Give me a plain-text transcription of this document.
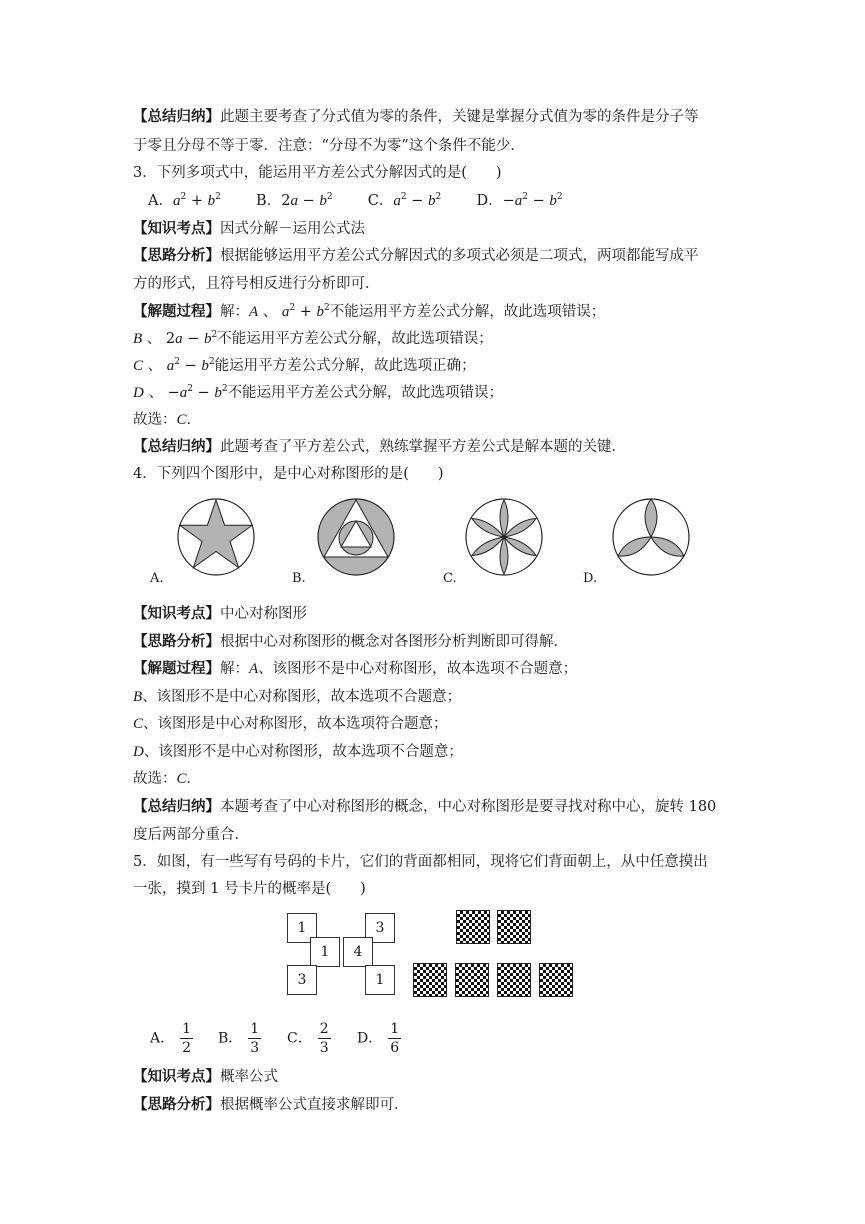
【总结归纳】此题主要考查了分式值为零的条件，关键是掌握分式值为零的条件是分子等
于零且分母不等于零．注意：“分母不为零”这个条件不能少．
3．下列多项式中，能运用平方差公式分解因式的是(　　)
A．$a^2 + b^2$ B．$2a - b^2$ C．$a^2 - b^2$ D．$-a^2 - b^2$
【知识考点】因式分解－运用公式法
【思路分析】根据能够运用平方差公式分解因式的多项式必须是二项式，两项都能写成平
方的形式，且符号相反进行分析即可．
【解题过程】解：A 、 $a^2 + b^2$不能运用平方差公式分解，故此选项错误；
B 、 $2a - b^2$不能运用平方差公式分解，故此选项错误；
C 、 $a^2 - b^2$能运用平方差公式分解，故此选项正确；
D 、 $-a^2 - b^2$不能运用平方差公式分解，故此选项错误；
故选：C．
【总结归纳】此题考查了平方差公式，熟练掌握平方差公式是解本题的关键．
4．下列四个图形中，是中心对称图形的是(　　)
A.	B.	C.	D.
【知识考点】中心对称图形
【思路分析】根据中心对称图形的概念对各图形分析判断即可得解．
【解题过程】解：A、该图形不是中心对称图形，故本选项不合题意；
B、该图形不是中心对称图形，故本选项不合题意；
C、该图形是中心对称图形，故本选项符合题意；
D、该图形不是中心对称图形，故本选项不合题意；
故选：C．
【总结归纳】本题考查了中心对称图形的概念，中心对称图形是要寻找对称中心，旋转 180
度后两部分重合．
5．如图，有一些写有号码的卡片，它们的背面都相同，现将它们背面朝上，从中任意摸出
一张，摸到 1 号卡片的概率是(　　)
1	3
1	4
3	1
A． $\frac{1}{2}$ B． $\frac{1}{3}$ C． $\frac{2}{3}$ D． $\frac{1}{6}$
【知识考点】概率公式
【思路分析】根据概率公式直接求解即可．
